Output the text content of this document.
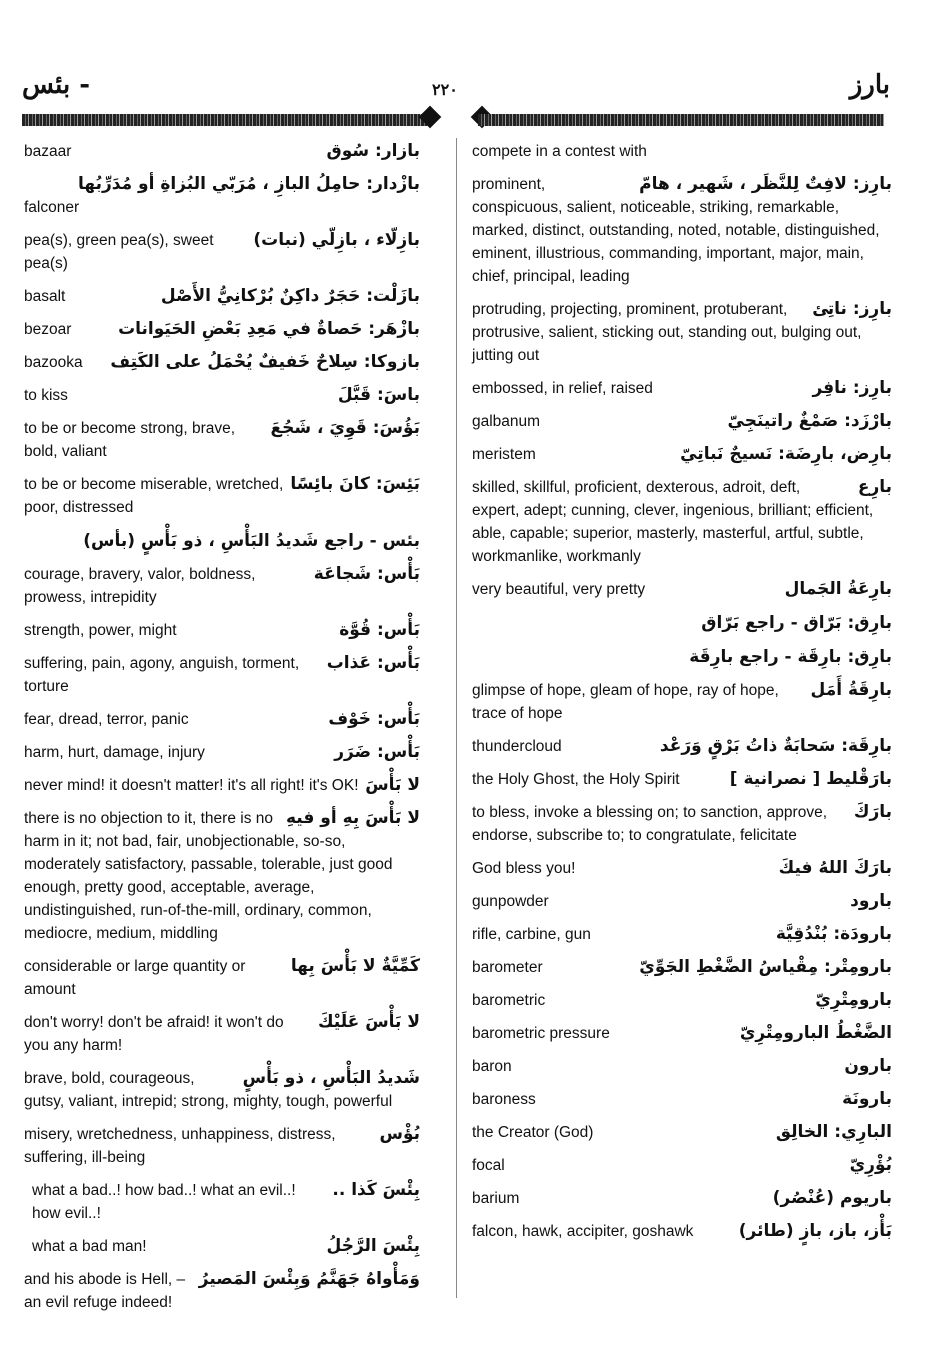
بئس -	٢٢٠	بارز
بازار: سُوق
bazaar
بازْدار: حامِلُ البازِ ، مُرَبّي البُزاةِ أو مُدَرِّبُها
falconer
بازِلّاء ، بازِلّي (نبات)
pea(s), green pea(s), sweet pea(s)
بازَلْت: حَجَرٌ داكِنٌ بُرْكانِيُّ الأَصْل
basalt
بازْهَر: حَصاةٌ في مَعِدِ بَعْضِ الحَيَوانات
bezoar
بازوكا: سِلاحٌ خَفيفٌ يُحْمَلُ على الكَتِف
bazooka
باسَ: قَبَّلَ
to kiss
بَؤُسَ: قَوِيَ ، شَجُعَ
to be or become strong, brave, bold, valiant
بَئِسَ: كانَ بائِسًا
to be or become miserable, wretched, poor, distressed
بئس - راجع شَديدُ البَأْسِ ، ذو بَأْسٍ (بأس)
بَأْس: شَجاعَة
courage, bravery, valor, boldness, prowess, intrepidity
بَأْس: قُوَّة
strength, power, might
بَأْس: عَذاب
suffering, pain, agony, anguish, torment, torture
بَأْس: خَوْف
fear, dread, terror, panic
بَأْس: ضَرَر
harm, hurt, damage, injury
لا بَأْسَ
never mind! it doesn't matter! it's all right! it's OK!
لا بَأْسَ بِهِ أو فيهِ
there is no objection to it, there is no harm in it; not bad, fair, unobjectionable, so-so, moderately satisfactory, passable, tolerable, just good enough, pretty good, acceptable, average, undistinguished, run-of-the-mill, ordinary, common, mediocre, medium, middling
كَمِّيَّةٌ لا بَأْسَ بِها
considerable or large quantity or amount
لا بَأْسَ عَلَيْكَ
don't worry! don't be afraid! it won't do you any harm!
شَديدُ البَأْسِ ، ذو بَأْسٍ
brave, bold, courageous, gutsy, valiant, intrepid; strong, mighty, tough, powerful
بُؤْس
misery, wretchedness, unhappiness, distress, suffering, ill-being
بِئْسَ كَذا ..
what a bad..! how bad..! what an evil..! how evil..!
بِئْسَ الرَّجُلُ
what a bad man!
وَمَأْواهُ جَهَنَّمُ وَبِئْسَ المَصيرُ
and his abode is Hell, – an evil refuge indeed!
compete in a contest with
بارِز: لافِتٌ لِلنَّظَر ، شَهير ، هامّ
prominent, conspicuous, salient, noticeable, striking, remarkable, marked, distinct, outstanding, noted, notable, distinguished, eminent, illustrious, commanding, important, major, main, chief, principal, leading
بارِز: ناتِئ
protruding, projecting, prominent, protuberant, protrusive, salient, sticking out, standing out, bulging out, jutting out
بارِز: نافِر
embossed, in relief, raised
بارْزَد: صَمْغٌ راتينَجِيّ
galbanum
بارِض، بارِضَة: نَسيجٌ نَباتِيّ
meristem
بارِع
skilled, skillful, proficient, dexterous, adroit, deft, expert, adept; cunning, clever, ingenious, brilliant; efficient, able, capable; superior, masterly, masterful, artful, subtle, workmanlike, workmanly
بارِعَةُ الجَمال
very beautiful, very pretty
بارِق: بَرّاق - راجع بَرّاق
بارِق: بارِقَة - راجع بارِقَة
بارِقَةُ أَمَل
glimpse of hope, gleam of hope, ray of hope, trace of hope
بارِقَة: سَحابَةٌ ذاتُ بَرْقٍ وَرَعْد
thundercloud
بارَقْليط [ نصرانية ]
the Holy Ghost, the Holy Spirit
بارَكَ
to bless, invoke a blessing on; to sanction, approve, endorse, subscribe to; to congratulate, felicitate
بارَكَ اللهُ فيكَ
God bless you!
بارود
gunpowder
بارودَة: بُنْدُقِيَّة
rifle, carbine, gun
بارومِتْر: مِقْياسُ الضَّغْطِ الجَوِّيّ
barometer
بارومِتْرِيّ
barometric
الضَّغْطُ البارومِتْرِيّ
barometric pressure
بارون
baron
بارونَة
baroness
البارِي: الخالِق
the Creator (God)
بُؤْرِيّ
focal
باريوم (عُنْصُر)
barium
بَأْز، باز، بازٍ (طائر)
falcon, hawk, accipiter, goshawk
